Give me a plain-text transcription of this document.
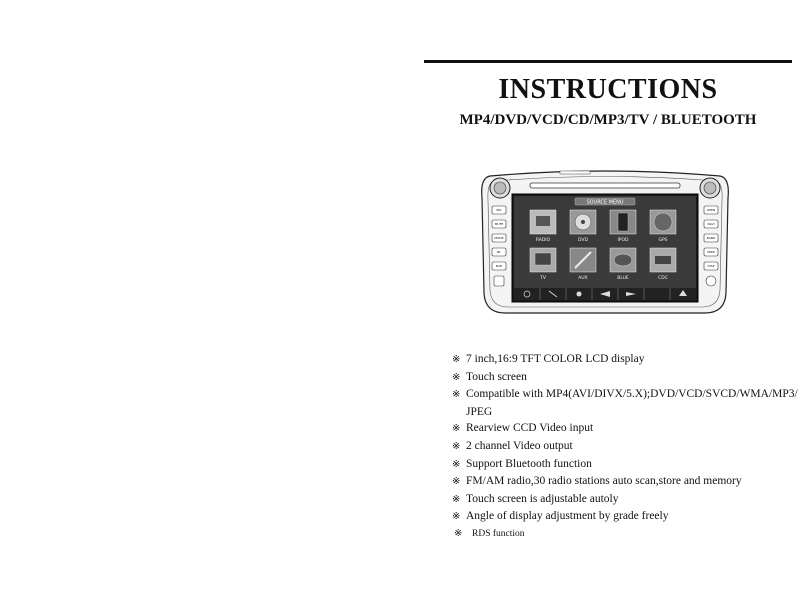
INSTRUCTIONS
MP4/DVD/VCD/CD/MP3/TV / BLUETOOTH
SEL
MUTE
MODE
BL
MAP
OPEN
NAVI
BAND
SEEK
DISP
SOURCE MENU
RADIO	DVD	IPOD	GPS
TV	AUX	BLUE	CDC
※ 7 inch,16:9 TFT COLOR LCD display
※ Touch screen
※ Compatible with MP4(AVI/DIVX/5.X);DVD/VCD/SVCD/WMA/MP3/
JPEG
※ Rearview CCD Video input
※ 2 channel Video output
※ Support Bluetooth function
※ FM/AM radio,30 radio stations auto scan,store and memory
※ Touch screen is adjustable autoly
※ Angle of display adjustment by grade freely
※ RDS function
